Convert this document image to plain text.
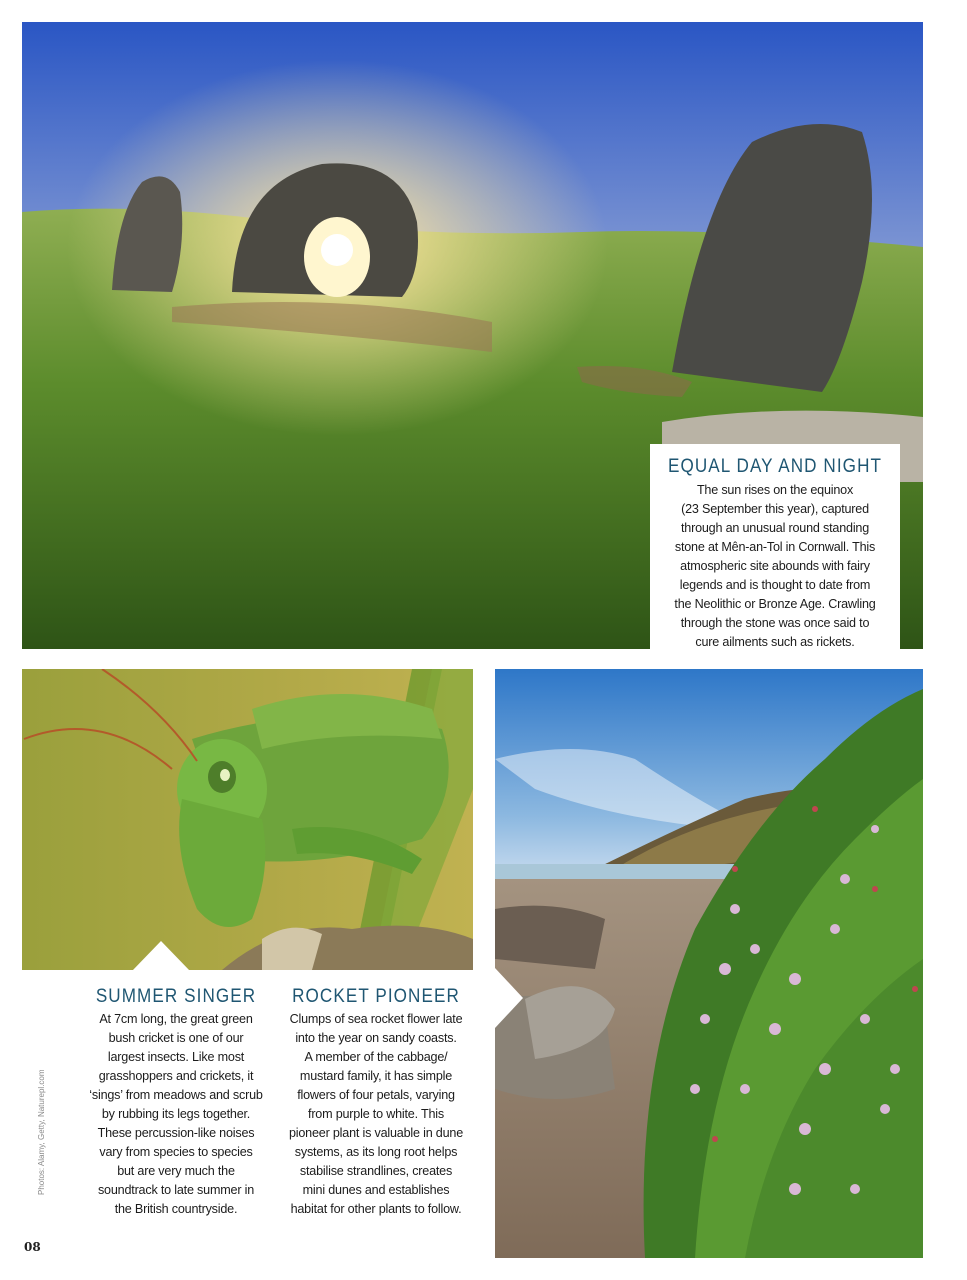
EQUAL DAY AND NIGHT

The sun rises on the equinox
(23 September this year), captured
through an unusual round standing
stone at Mên-an-Tol in Cornwall. This
atmospheric site abounds with fairy
legends and is thought to date from
the Neolithic or Bronze Age. Crawling
through the stone was once said to
cure ailments such as rickets.

SUMMER SINGER

At 7cm long, the great green
bush cricket is one of our
largest insects. Like most
grasshoppers and crickets, it
‘sings’ from meadows and scrub
by rubbing its legs together.
These percussion-like noises
vary from species to species
but are very much the
soundtrack to late summer in
the British countryside.

ROCKET PIONEER

Clumps of sea rocket flower late
into the year on sandy coasts.
A member of the cabbage/
mustard family, it has simple
flowers of four petals, varying
from purple to white. This
pioneer plant is valuable in dune
systems, as its long root helps
stabilise strandlines, creates
mini dunes and establishes
habitat for other plants to follow.

Photos: Alamy, Getty, Naturepl.com
08
